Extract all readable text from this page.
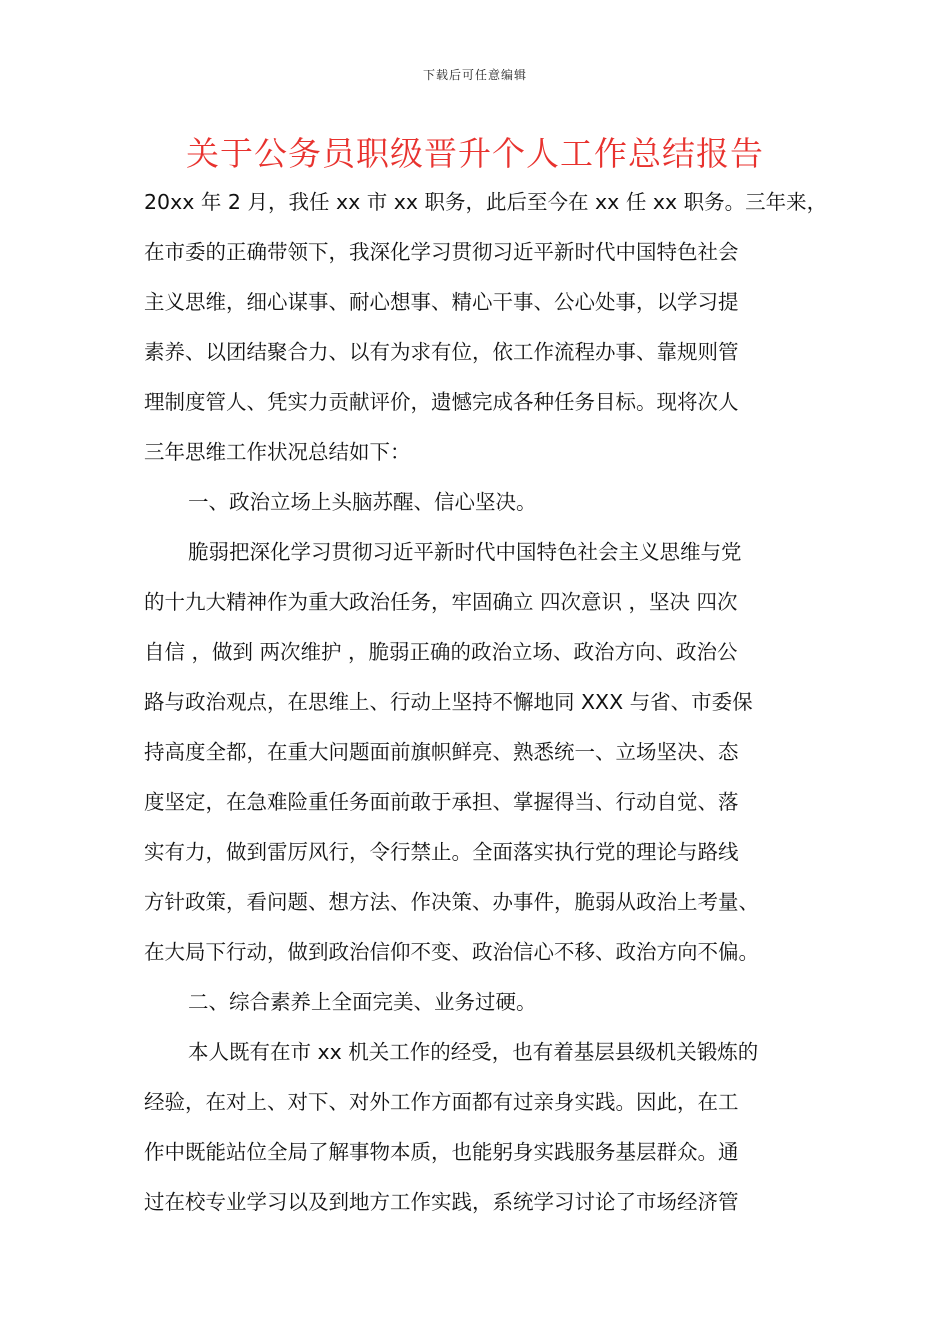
下载后可任意编辑
关于公务员职级晋升个人工作总结报告
20xx 年 2 月，我任 xx 市 xx 职务，此后至今在 xx 任 xx 职务。三年来，
在市委的正确带领下，我深化学习贯彻习近平新时代中国特色社会
主义思维，细心谋事、耐心想事、精心干事、公心处事，以学习提
素养、以团结聚合力、以有为求有位，依工作流程办事、靠规则管
理制度管人、凭实力贡献评价，遗憾完成各种任务目标。现将次人
三年思维工作状况总结如下：
一、政治立场上头脑苏醒、信心坚决。
脆弱把深化学习贯彻习近平新时代中国特色社会主义思维与党
的十九大精神作为重大政治任务，牢固确立 四次意识 ，坚决 四次
自信 ，做到 两次维护 ，脆弱正确的政治立场、政治方向、政治公
路与政治观点，在思维上、行动上坚持不懈地同 XXX 与省、市委保
持高度全都，在重大问题面前旗帜鲜亮、熟悉统一、立场坚决、态
度坚定，在急难险重任务面前敢于承担、掌握得当、行动自觉、落
实有力，做到雷厉风行，令行禁止。全面落实执行党的理论与路线
方针政策，看问题、想方法、作决策、办事件，脆弱从政治上考量、
在大局下行动，做到政治信仰不变、政治信心不移、政治方向不偏。
二、综合素养上全面完美、业务过硬。
本人既有在市 xx 机关工作的经受，也有着基层县级机关锻炼的
经验，在对上、对下、对外工作方面都有过亲身实践。因此，在工
作中既能站位全局了解事物本质，也能躬身实践服务基层群众。通
过在校专业学习以及到地方工作实践，系统学习讨论了市场经济管
